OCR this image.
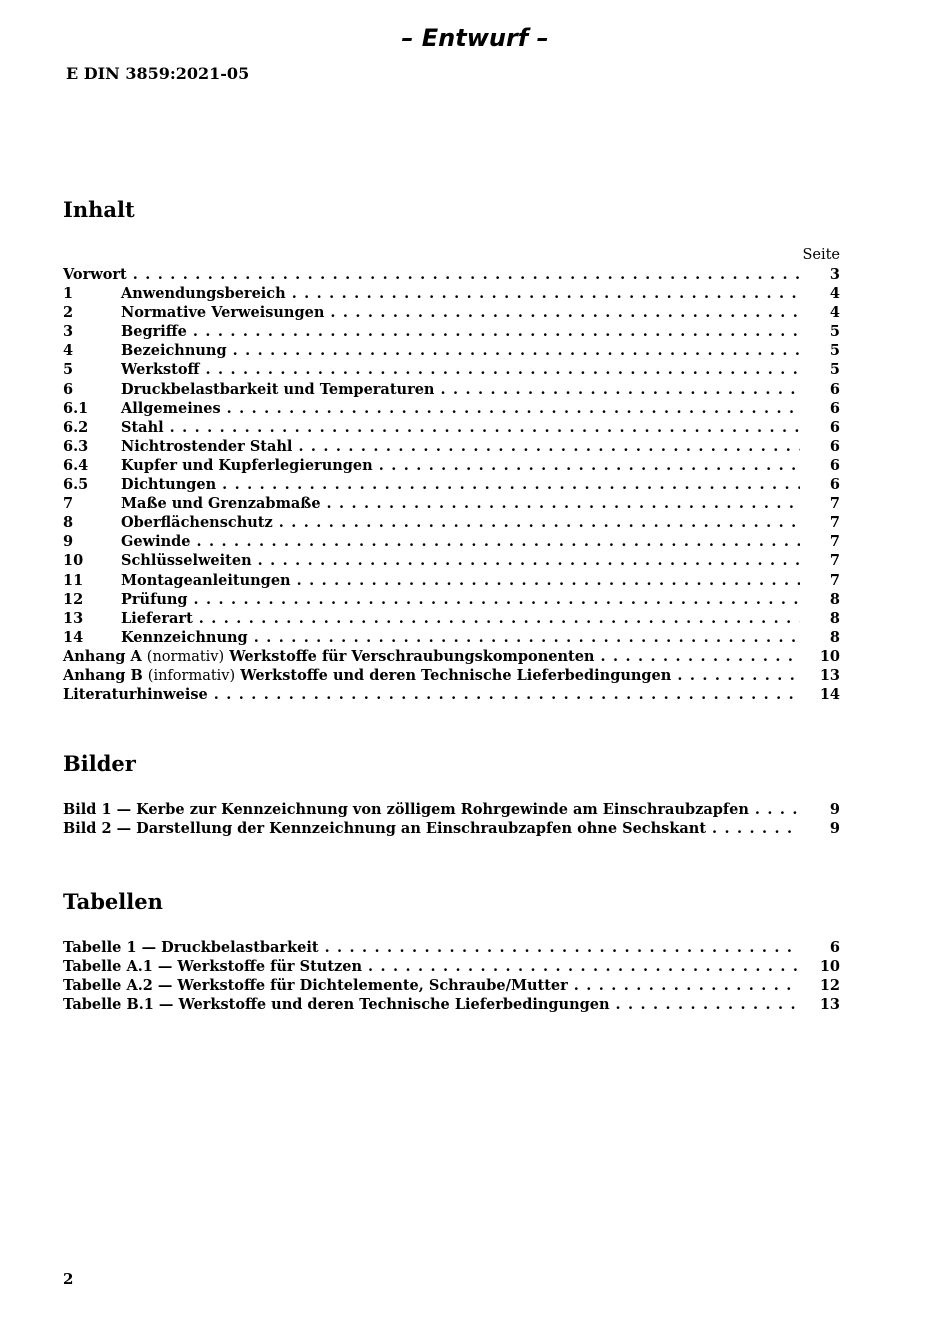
– Entwurf –
E DIN 3859:2021-05
Inhalt
Seite
Vorwort . . .	3
1	Anwendungsbereich . . .	4
2	Normative Verweisungen . . .	4
3	Begriffe . . .	5
4	Bezeichnung . . .	5
5	Werkstoff . . .	5
6	Druckbelastbarkeit und Temperaturen . . .	6
6.1	Allgemeines . . .	6
6.2	Stahl . . .	6
6.3	Nichtrostender Stahl . . .	6
6.4	Kupfer und Kupferlegierungen . . .	6
6.5	Dichtungen . . .	6
7	Maße und Grenzabmaße . . .	7
8	Oberflächenschutz . . .	7
9	Gewinde . . .	7
10	Schlüsselweiten . . .	7
11	Montageanleitungen . . .	7
12	Prüfung . . .	8
13	Lieferart . . .	8
14	Kennzeichnung . . .	8
Anhang A (normativ) Werkstoffe für Verschraubungskomponenten . . .	10
Anhang B (informativ) Werkstoffe und deren Technische Lieferbedingungen . . .	13
Literaturhinweise . . .	14
Bilder
Bild 1 — Kerbe zur Kennzeichnung von zölligem Rohrgewinde am Einschraubzapfen . . .	9
Bild 2 — Darstellung der Kennzeichnung an Einschraubzapfen ohne Sechskant . . .	9
Tabellen
Tabelle 1 — Druckbelastbarkeit . . .	6
Tabelle A.1 — Werkstoffe für Stutzen . . .	10
Tabelle A.2 — Werkstoffe für Dichtelemente, Schraube/Mutter . . .	12
Tabelle B.1 — Werkstoffe und deren Technische Lieferbedingungen . . .	13
2
